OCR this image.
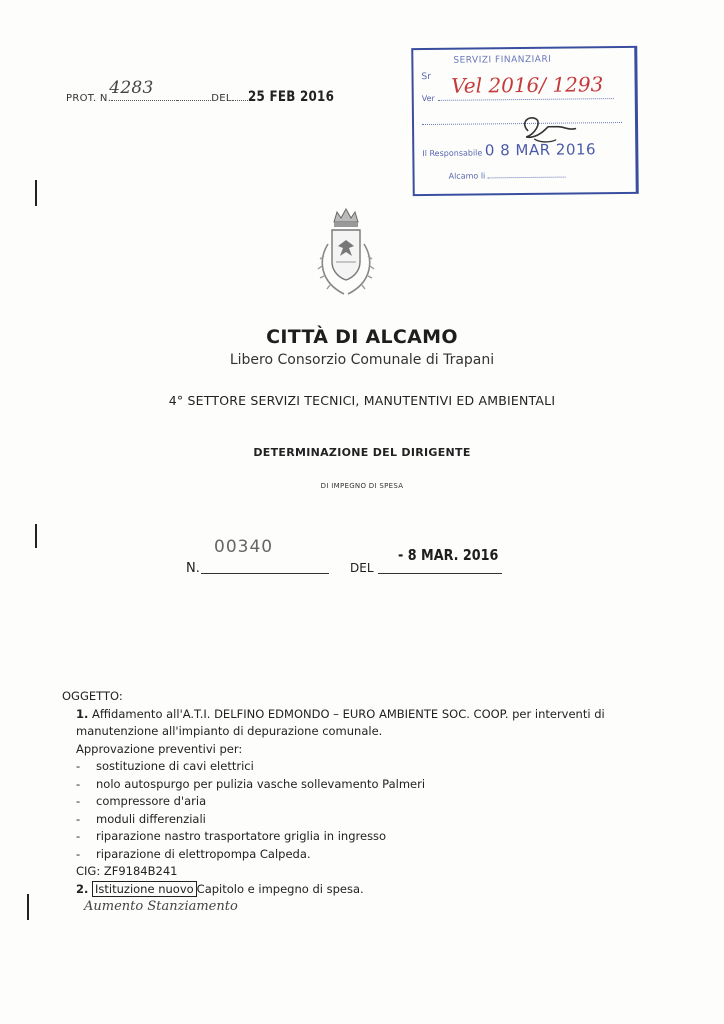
PROT. N.
4283
DEL 25 FEB 2016
SERVIZI FINANZIARI
Sr
Ver
Vel 2016/ 1293
Il Responsabile 0 8 MAR 2016
Alcamo li
CITTÀ DI ALCAMO
Libero Consorzio Comunale di Trapani
4° SETTORE SERVIZI TECNICI, MANUTENTIVI ED AMBIENTALI
DETERMINAZIONE DEL DIRIGENTE
DI IMPEGNO DI SPESA
N.
00340
DEL
- 8 MAR. 2016
OGGETTO:
1. Affidamento all'A.T.I. DELFINO EDMONDO – EURO AMBIENTE SOC. COOP. per interventi di
manutenzione all'impianto di depurazione comunale.
Approvazione preventivi per:
- sostituzione di cavi elettrici
- nolo autospurgo per pulizia vasche sollevamento Palmeri
- compressore d'aria
- moduli differenziali
- riparazione nastro trasportatore griglia in ingresso
- riparazione di elettropompa Calpeda.
CIG: ZF9184B241
2. Istituzione nuovo Capitolo e impegno di spesa.
Aumento Stanziamento
